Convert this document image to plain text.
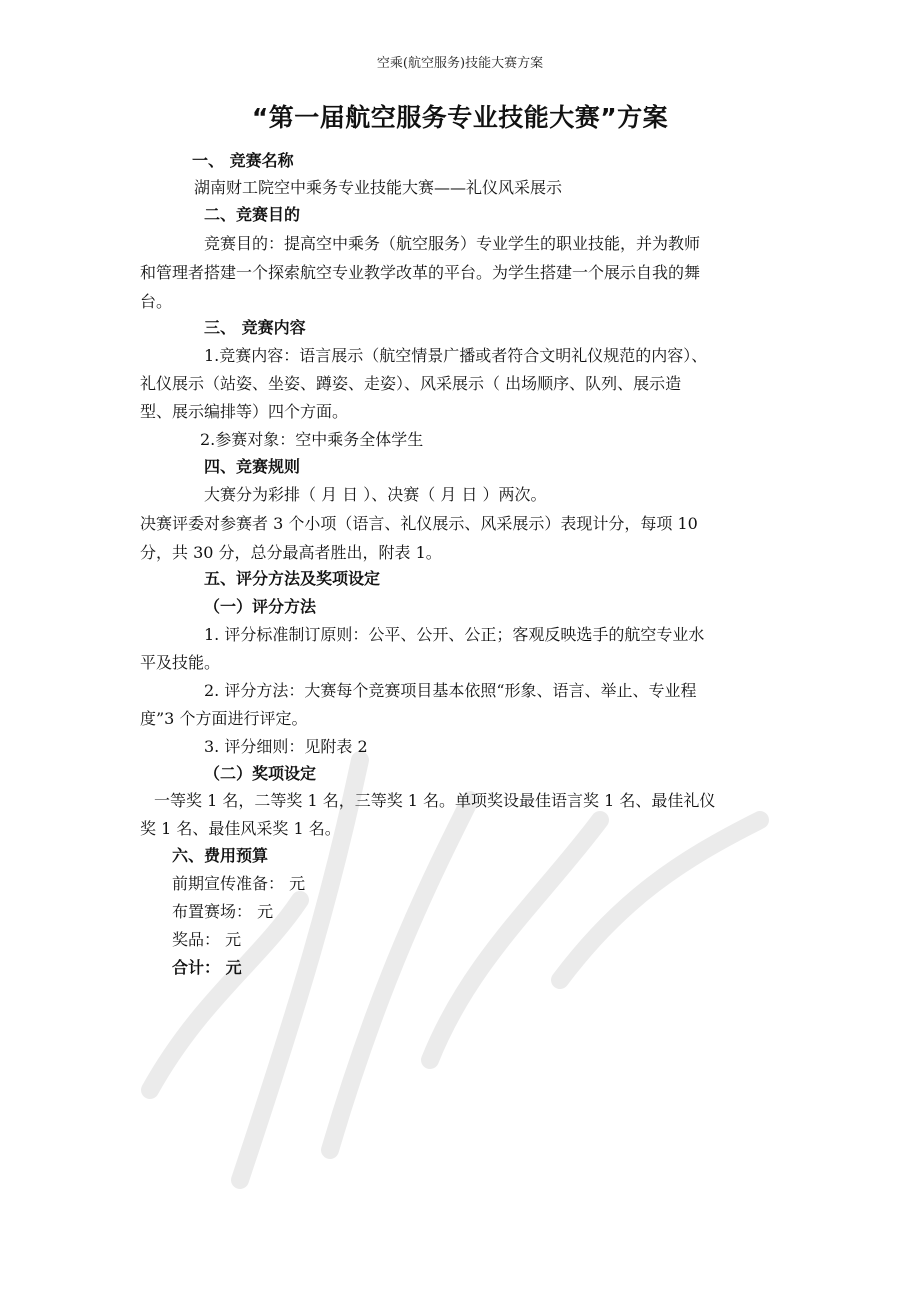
空乘(航空服务)技能大赛方案
“第一届航空服务专业技能大赛”方案
一、 竞赛名称
湖南财工院空中乘务专业技能大赛——礼仪风采展示
二、竞赛目的
竞赛目的：提高空中乘务（航空服务）专业学生的职业技能，并为教师
和管理者搭建一个探索航空专业教学改革的平台。为学生搭建一个展示自我的舞
台。
三、 竞赛内容
1.竞赛内容：语言展示（航空情景广播或者符合文明礼仪规范的内容）、
礼仪展示（站姿、坐姿、蹲姿、走姿）、风采展示（ 出场顺序、队列、展示造
型、展示编排等）四个方面。
2.参赛对象：空中乘务全体学生
四、竞赛规则
大赛分为彩排（ 月 日 ）、决赛（ 月 日 ）两次。
决赛评委对参赛者 3 个小项（语言、礼仪展示、风采展示）表现计分，每项 10
分，共 30 分，总分最高者胜出，附表 1。
五、评分方法及奖项设定
（一）评分方法
1. 评分标准制订原则：公平、公开、公正；客观反映选手的航空专业水
平及技能。
2. 评分方法：大赛每个竞赛项目基本依照“形象、语言、举止、专业程
度”3 个方面进行评定。
3. 评分细则：见附表 2
（二）奖项设定
一等奖 1 名，二等奖 1 名，三等奖 1 名。单项奖设最佳语言奖 1 名、最佳礼仪
奖 1 名、最佳风采奖 1 名。
六、费用预算
前期宣传准备： 元
布置赛场： 元
奖品： 元
合计： 元
